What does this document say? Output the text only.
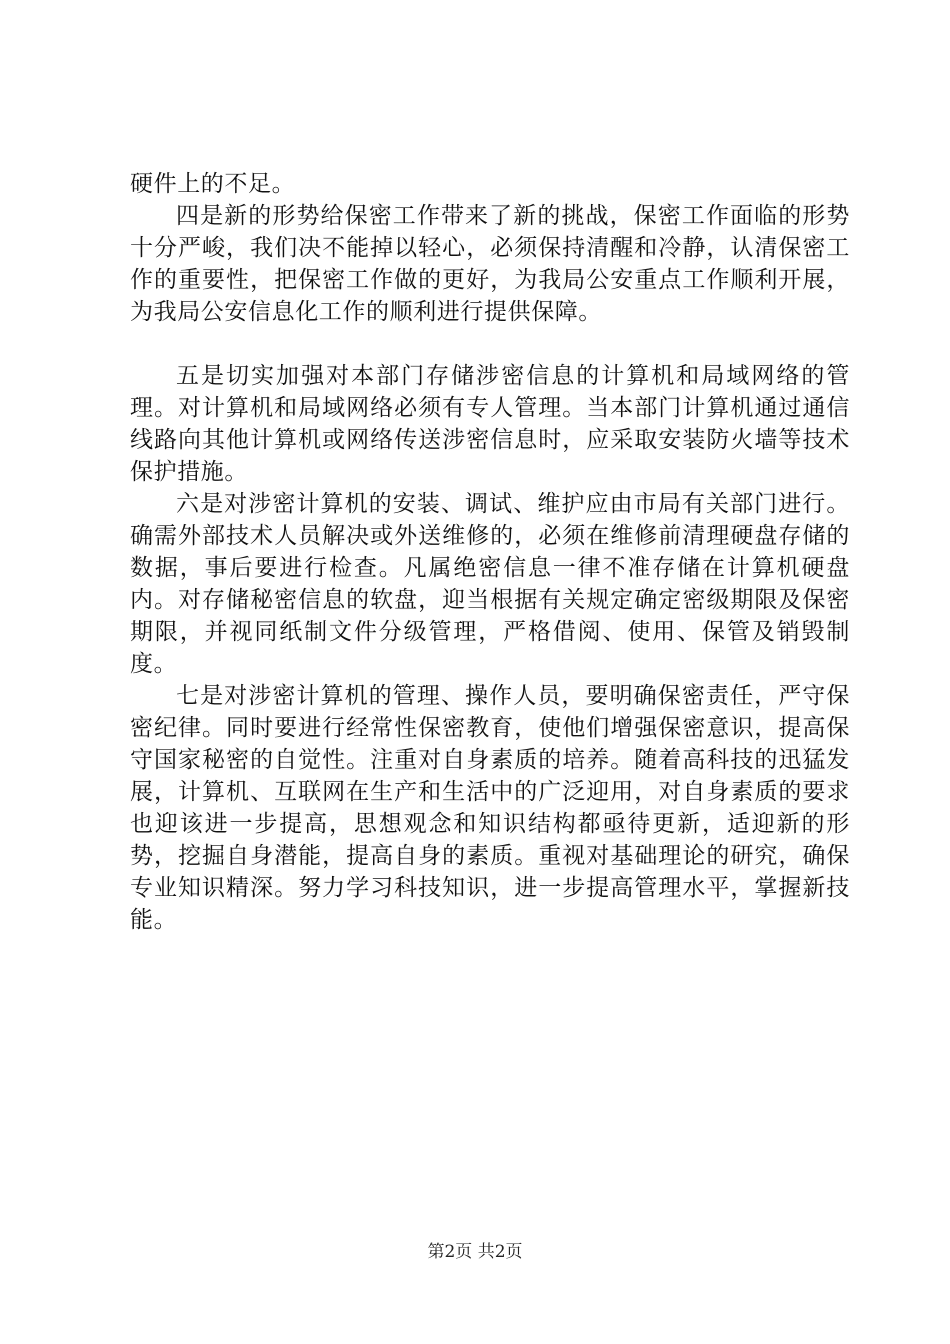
硬件上的不足。

四是新的形势给保密工作带来了新的挑战，保密工作面临的形势十分严峻，我们决不能掉以轻心，必须保持清醒和冷静，认清保密工作的重要性，把保密工作做的更好，为我局公安重点工作顺利开展，为我局公安信息化工作的顺利进行提供保障。

五是切实加强对本部门存储涉密信息的计算机和局域网络的管理。对计算机和局域网络必须有专人管理。当本部门计算机通过通信线路向其他计算机或网络传送涉密信息时，应采取安装防火墙等技术保护措施。

六是对涉密计算机的安装、调试、维护应由市局有关部门进行。确需外部技术人员解决或外送维修的，必须在维修前清理硬盘存储的数据，事后要进行检查。凡属绝密信息一律不准存储在计算机硬盘内。对存储秘密信息的软盘，迎当根据有关规定确定密级期限及保密期限，并视同纸制文件分级管理，严格借阅、使用、保管及销毁制度。

七是对涉密计算机的管理、操作人员，要明确保密责任，严守保密纪律。同时要进行经常性保密教育，使他们增强保密意识，提高保守国家秘密的自觉性。注重对自身素质的培养。随着高科技的迅猛发展，计算机、互联网在生产和生活中的广泛迎用，对自身素质的要求也迎该进一步提高，思想观念和知识结构都亟待更新，适迎新的形势，挖掘自身潜能，提高自身的素质。重视对基础理论的研究，确保专业知识精深。努力学习科技知识，进一步提高管理水平，掌握新技能。

第2页 共2页
